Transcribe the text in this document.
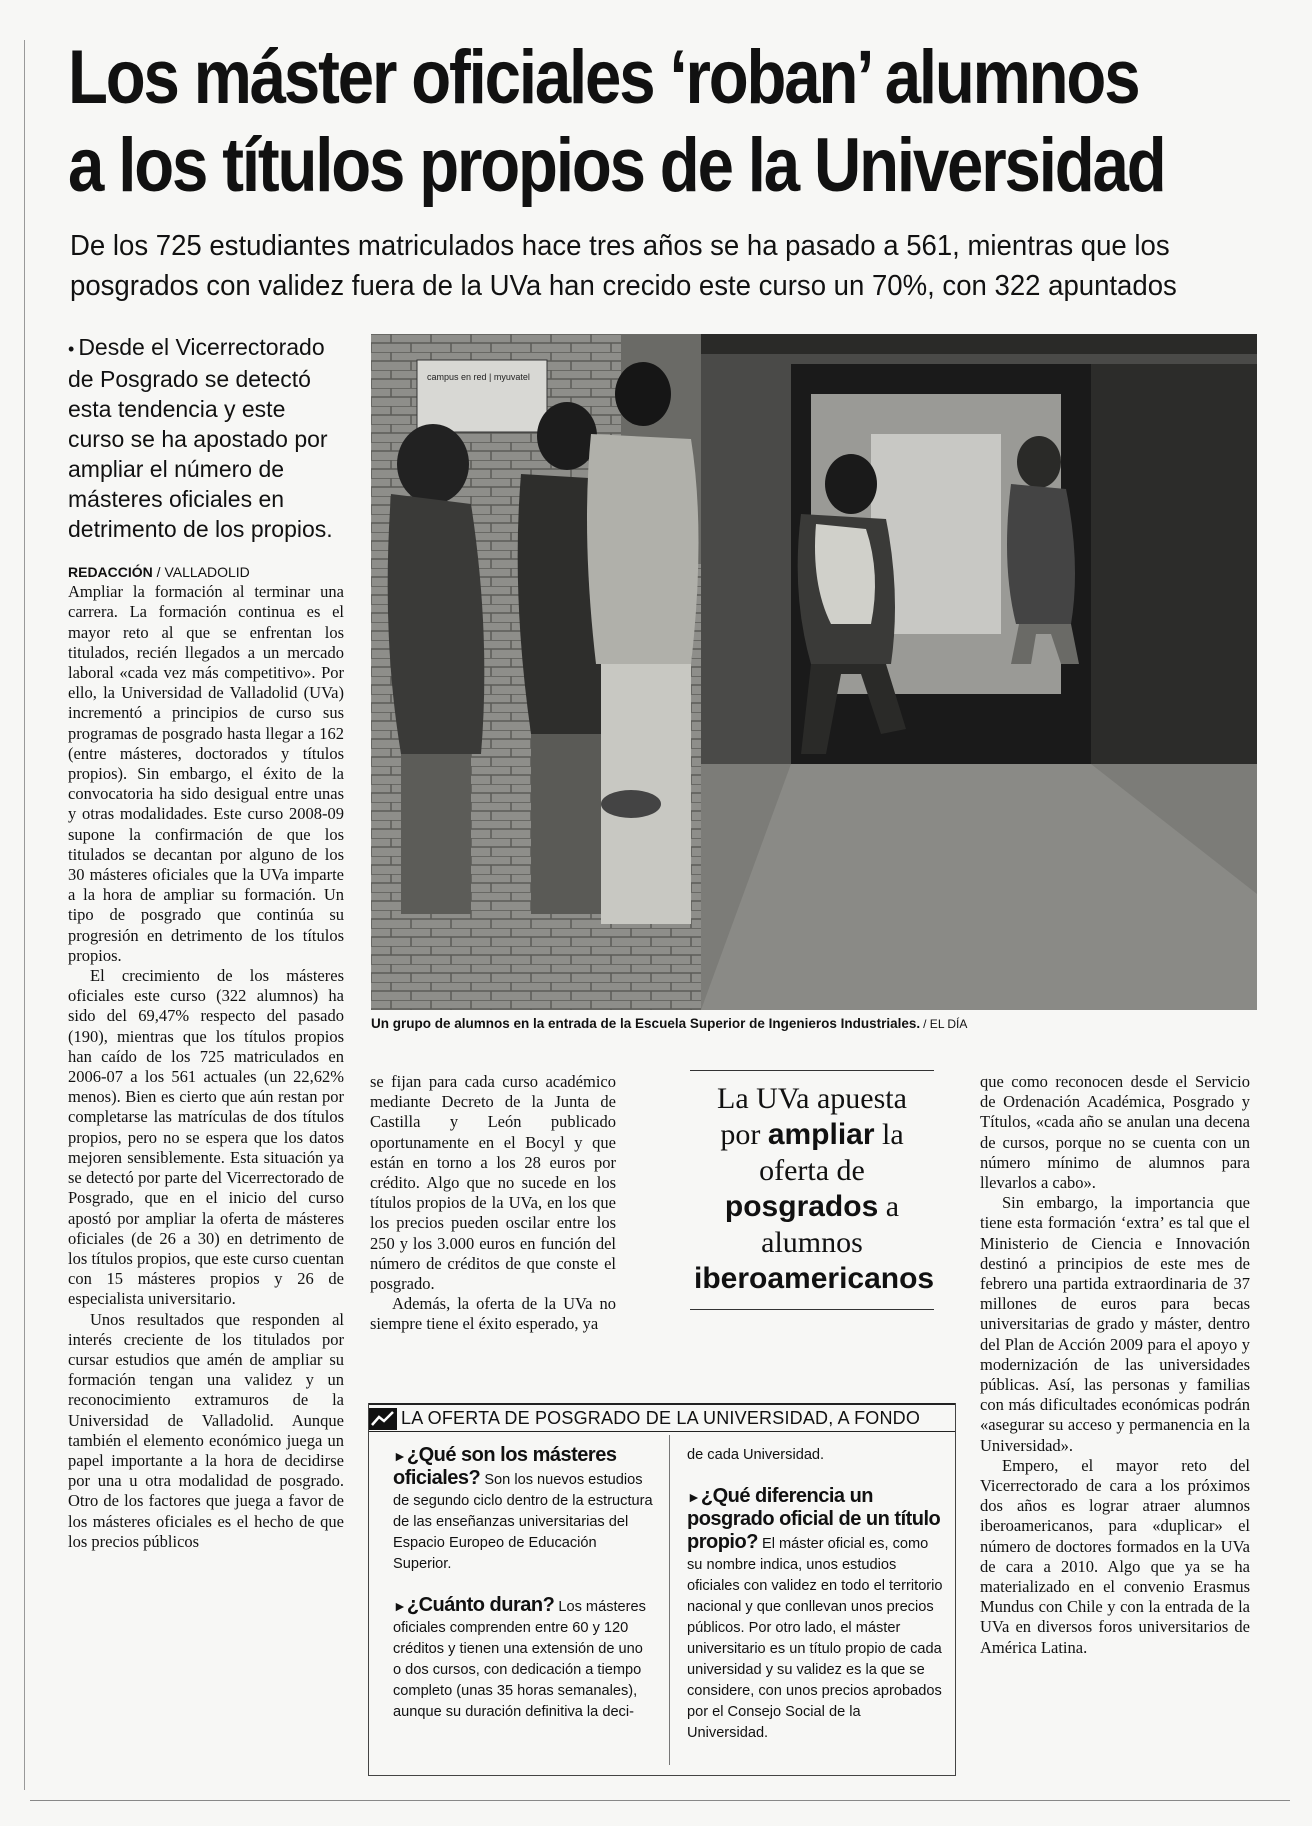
Los máster oficiales ‘roban’ alumnos
a los títulos propios de la Universidad
De los 725 estudiantes matriculados hace tres años se ha pasado a 561, mientras que los posgrados con validez fuera de la UVa han crecido este curso un 70%, con 322 apuntados
• Desde el Vicerrectorado de Posgrado se detectó esta tendencia y este curso se ha apostado por ampliar el número de másteres oficiales en detrimento de los propios.
REDACCIÓN / VALLADOLID

Ampliar la formación al terminar una carrera. La formación continua es el mayor reto al que se enfrentan los titulados, recién llegados a un mercado laboral «cada vez más competitivo». Por ello, la Universidad de Valladolid (UVa) incrementó a principios de curso sus programas de posgrado hasta llegar a 162 (entre másteres, doctorados y títulos propios). Sin embargo, el éxito de la convocatoria ha sido desigual entre unas y otras modalidades. Este curso 2008-09 supone la confirmación de que los titulados se decantan por alguno de los 30 másteres oficiales que la UVa imparte a la hora de ampliar su formación. Un tipo de posgrado que continúa su progresión en detrimento de los títulos propios.

El crecimiento de los másteres oficiales este curso (322 alumnos) ha sido del 69,47% respecto del pasado (190), mientras que los títulos propios han caído de los 725 matriculados en 2006-07 a los 561 actuales (un 22,62% menos). Bien es cierto que aún restan por completarse las matrículas de dos títulos propios, pero no se espera que los datos mejoren sensiblemente. Esta situación ya se detectó por parte del Vicerrectorado de Posgrado, que en el inicio del curso apostó por ampliar la oferta de másteres oficiales (de 26 a 30) en detrimento de los títulos propios, que este curso cuentan con 15 másteres propios y 26 de especialista universitario.

Unos resultados que responden al interés creciente de los titulados por cursar estudios que amén de ampliar su formación tengan una validez y un reconocimiento extramuros de la Universidad de Valladolid. Aunque también el elemento económico juega un papel importante a la hora de decidirse por una u otra modalidad de posgrado. Otro de los factores que juega a favor de los másteres oficiales es el hecho de que los precios públicos

campus en red | myuvatel
Un grupo de alumnos en la entrada de la Escuela Superior de Ingenieros Industriales. / EL DÍA

se fijan para cada curso académico mediante Decreto de la Junta de Castilla y León publicado oportunamente en el Bocyl y que están en torno a los 28 euros por crédito. Algo que no sucede en los títulos propios de la UVa, en los que los precios pueden oscilar entre los 250 y los 3.000 euros en función del número de créditos de que conste el posgrado.

Además, la oferta de la UVa no siempre tiene el éxito esperado, ya

La UVa apuesta por ampliar la oferta de posgrados a alumnos iberoamericanos

que como reconocen desde el Servicio de Ordenación Académica, Posgrado y Títulos, «cada año se anulan una decena de cursos, porque no se cuenta con un número mínimo de alumnos para llevarlos a cabo».

Sin embargo, la importancia que tiene esta formación ‘extra’ es tal que el Ministerio de Ciencia e Innovación destinó a principios de este mes de febrero una partida extraordinaria de 37 millones de euros para becas universitarias de grado y máster, dentro del Plan de Acción 2009 para el apoyo y modernización de las universidades públicas. Así, las personas y familias con más dificultades económicas podrán «asegurar su acceso y permanencia en la Universidad».

Empero, el mayor reto del Vicerrectorado de cara a los próximos dos años es lograr atraer alumnos iberoamericanos, para «duplicar» el número de doctores formados en la UVa de cara a 2010. Algo que ya se ha materializado en el convenio Erasmus Mundus con Chile y con la entrada de la UVa en diversos foros universitarios de América Latina.

LA OFERTA DE POSGRADO DE LA UNIVERSIDAD, A FONDO
►¿Qué son los másteres oficiales? Son los nuevos estudios de segundo ciclo dentro de la estructura de las enseñanzas universitarias del Espacio Europeo de Educación Superior.
►¿Cuánto duran? Los másteres oficiales comprenden entre 60 y 120 créditos y tienen una extensión de uno o dos cursos, con dedicación a tiempo completo (unas 35 horas semanales), aunque su duración definitiva la deci-
de cada Universidad.
►¿Qué diferencia un posgrado oficial de un título propio? El máster oficial es, como su nombre indica, unos estudios oficiales con validez en todo el territorio nacional y que conllevan unos precios públicos. Por otro lado, el máster universitario es un título propio de cada universidad y su validez es la que se considere, con unos precios aprobados por el Consejo Social de la Universidad.
